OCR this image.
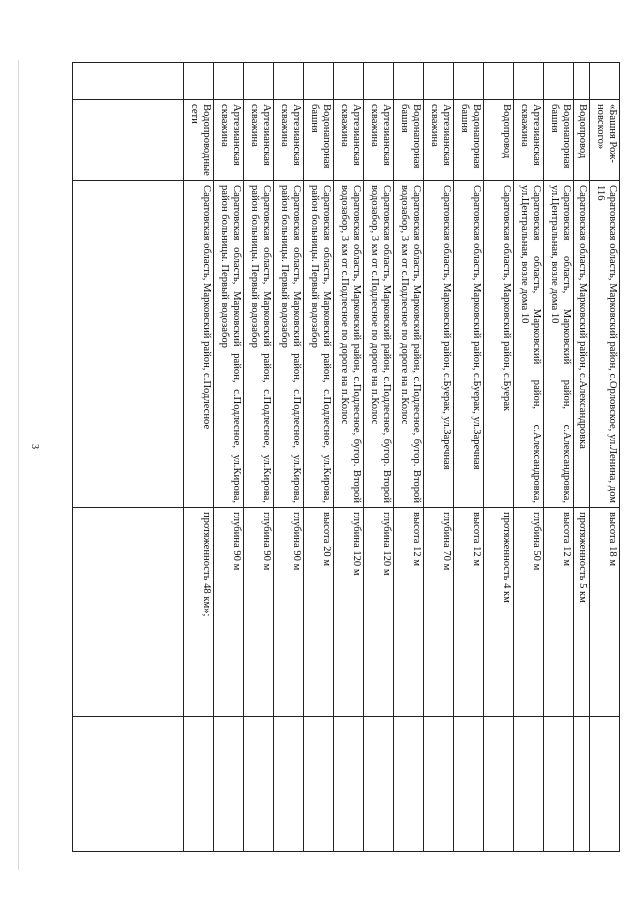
3
	«Башня Рож-новского»	Саратовская область, Марковский район, с.Орловское, ул.Ленина, дом 116	высота 18 м	
	Водопровод	Саратовская область, Марковский район, с.Александровка	протяженность 5 км	
	Водонапорная башня	Саратовская область, Марковский район, с.Александровка, ул.Центральная, возле дома 10	высота 12 м	
	Артезианская скважина	Саратовская область, Марковский район, с.Александровка, ул.Центральная, возле дома 10	глубина 50 м	
	Водопровод	Саратовская область, Марковский район, с.Буерак	протяженность 4 км	
	Водонапорная башня	Саратовская область, Марковский район, с.Буерак, ул.Заречная	высота 12 м	
	Артезианская скважина	Саратовская область, Марковский район, с.Буерак, ул.Заречная	глубина 70 м	
	Водонапорная башня	Саратовская область, Марковский район, с.Подлесное, бугор. Второй водозабор, 3 км от с.Подлесное по дороге на п.Колос	высота 12 м	
	Артезианская скважина	Саратовская область, Марковский район, с.Подлесное, бугор. Второй водозабор, 3 км от с.Подлесное по дороге на п.Колос	глубина 120 м	
	Артезианская скважина	Саратовская область, Марковский район, с.Подлесное, бугор. Второй водозабор, 3 км от с.Подлесное по дороге на п.Колос	глубина 120 м	
	Водонапорная башня	Саратовская область, Марковский район, с.Подлесное, ул.Кирова, район больницы. Первый водозабор	высота 20 м	
	Артезианская скважина	Саратовская область, Марковский район, с.Подлесное, ул.Кирова, район больницы. Первый водозабор	глубина 90 м	
	Артезианская скважина	Саратовская область, Марковский район, с.Подлесное, ул.Кирова, район больницы. Первый водозабор	глубина 90 м	
	Артезианская скважина	Саратовская область, Марковский район, с.Подлесное, ул.Кирова, район больницы. Первый водозабор	глубина 90 м	
	Водопроводные сети	Саратовская область, Марковский район, с.Подлесное	протяженность 48 км»;	
